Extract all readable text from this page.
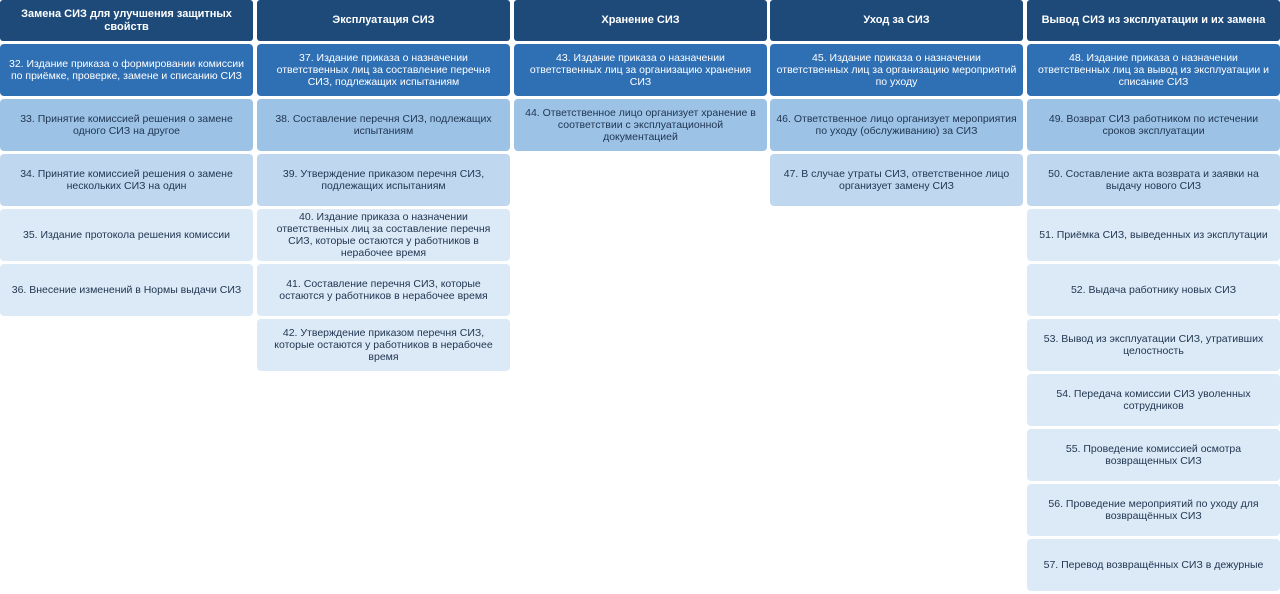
Замена СИЗ для улучшения защитных свойств
32. Издание приказа о формировании комиссии по приёмке, проверке, замене и списанию СИЗ
33. Принятие комиссией решения о замене одного СИЗ на другое
34. Принятие комиссией решения о замене нескольких СИЗ на один
35. Издание протокола решения комиссии
36. Внесение изменений в Нормы выдачи СИЗ
Эксплуатация СИЗ
37. Издание приказа о назначении ответственных лиц за составление перечня СИЗ, подлежащих испытаниям
38. Составление перечня СИЗ, подлежащих испытаниям
39. Утверждение приказом перечня СИЗ, подлежащих испытаниям
40. Издание приказа о назначении ответственных лиц за составление перечня СИЗ, которые остаются у работников в нерабочее время
41. Составление перечня СИЗ, которые остаются у работников в нерабочее время
42. Утверждение приказом перечня СИЗ, которые остаются у работников в нерабочее время
Хранение СИЗ
43. Издание приказа о назначении ответственных лиц за организацию хранения СИЗ
44. Ответственное лицо организует хранение в соответствии с эксплуатационной документацией
Уход за СИЗ
45. Издание приказа о назначении ответственных лиц за организацию мероприятий по уходу
46. Ответственное лицо организует мероприятия по уходу (обслуживанию) за СИЗ
47. В случае утраты СИЗ, ответственное лицо организует замену СИЗ
Вывод СИЗ из эксплуатации и их замена
48. Издание приказа о назначении ответственных лиц за вывод из эксплуатации и списание СИЗ
49. Возврат СИЗ работником по истечении сроков эксплуатации
50. Составление акта возврата и заявки на выдачу нового СИЗ
51. Приёмка СИЗ, выведенных из эксплутации
52. Выдача работнику новых СИЗ
53. Вывод из эксплуатации СИЗ, утративших целостность
54. Передача комиссии СИЗ уволенных сотрудников
55. Проведение комиссией осмотра возвращенных СИЗ
56. Проведение мероприятий по уходу для возвращённых СИЗ
57. Перевод возвращённых СИЗ в дежурные
